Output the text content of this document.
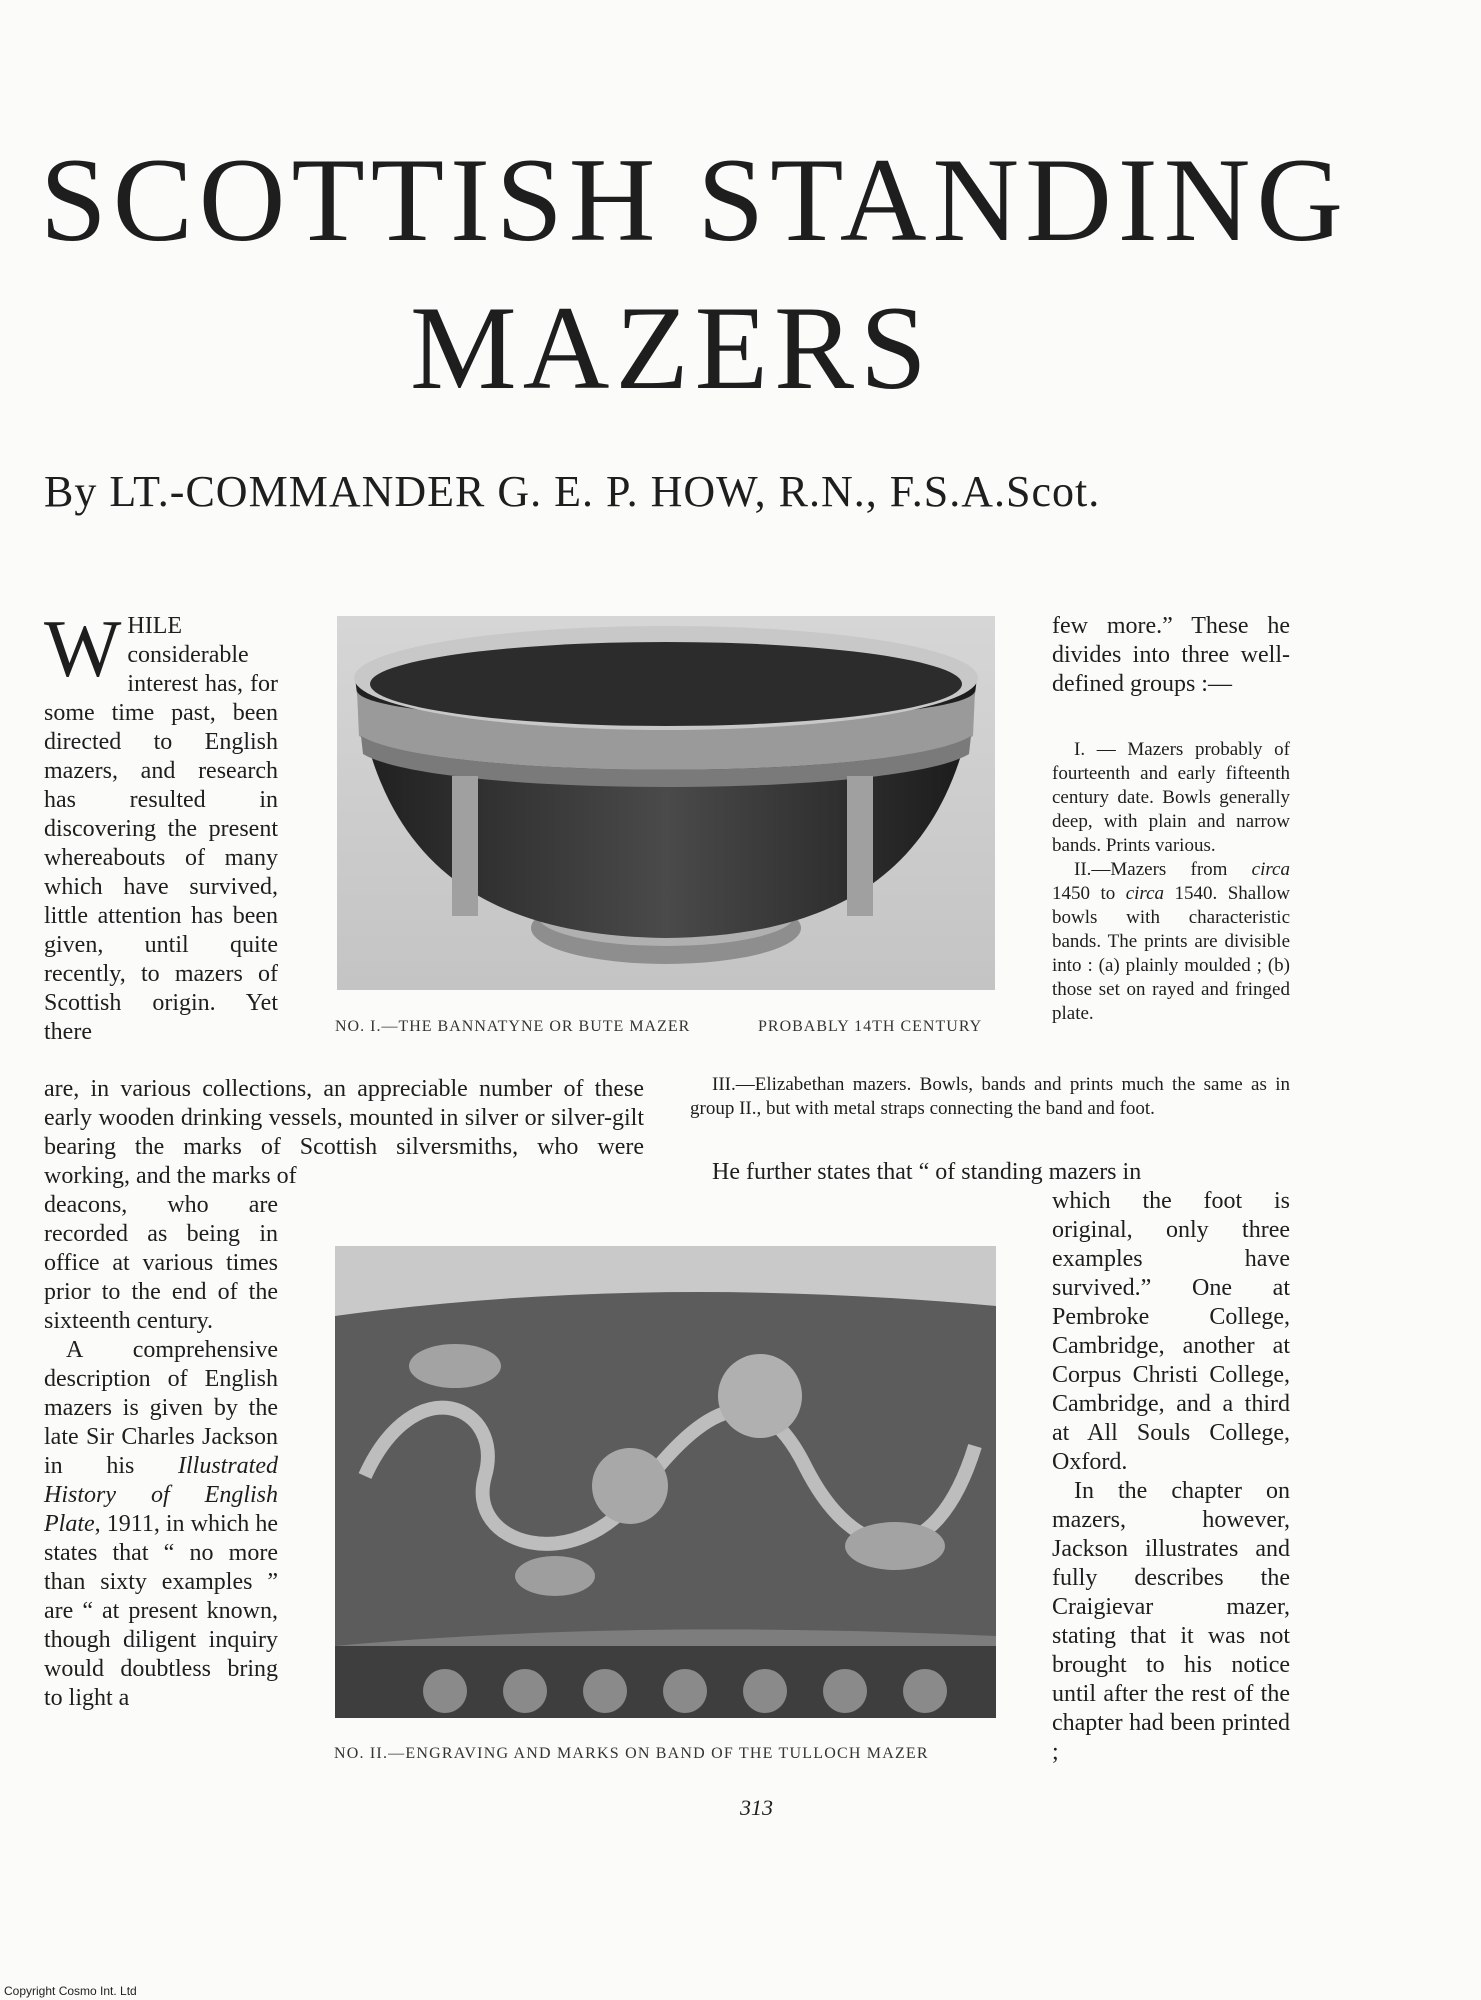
SCOTTISH STANDING
MAZERS
By LT.-COMMANDER G. E. P. HOW, R.N., F.S.A.Scot.

WHILE considerable interest has, for some time past, been directed to English mazers, and research has resulted in discovering the present whereabouts of many which have survived, little attention has been given, until quite recently, to mazers of Scottish origin. Yet there

are, in various collections, an appreciable number of these early wooden drinking vessels, mounted in silver or silver-gilt bearing the marks of Scottish silversmiths, who were working, and the marks of

deacons, who are recorded as being in office at various times prior to the end of the sixteenth century.

A comprehensive description of English mazers is given by the late Sir Charles Jackson in his Illustrated History of English Plate, 1911, in which he states that “ no more than sixty examples ” are “ at present known, though diligent inquiry would doubtless bring to light a

NO. I.—THE BANNATYNE OR BUTE MAZER	PROBABLY 14TH CENTURY
NO. II.—ENGRAVING AND MARKS ON BAND OF THE TULLOCH MAZER

few more.” These he divides into three well-defined groups :—

I. — Mazers probably of fourteenth and early fifteenth century date. Bowls generally deep, with plain and narrow bands. Prints various.

II.—Mazers from circa 1450 to circa 1540. Shallow bowls with characteristic bands. The prints are divisible into : (a) plainly moulded ; (b) those set on rayed and fringed plate.

III.—Elizabethan mazers. Bowls, bands and prints much the same as in group II., but with metal straps connecting the band and foot.

He further states that “ of standing mazers in

which the foot is original, only three examples have survived.” One at Pembroke College, Cambridge, another at Corpus Christi College, Cambridge, and a third at All Souls College, Oxford.

In the chapter on mazers, however, Jackson illustrates and fully describes the Craigievar mazer, stating that it was not brought to his notice until after the rest of the chapter had been printed ;

313
Copyright Cosmo Int. Ltd
